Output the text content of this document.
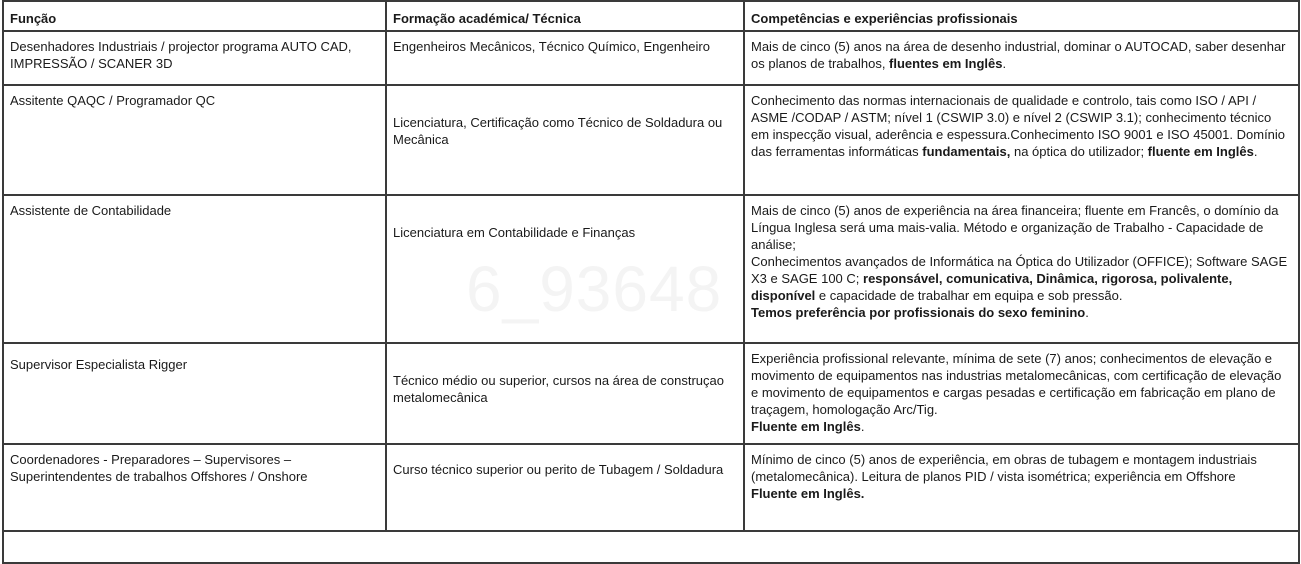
Função	Formação académica/ Técnica	Competências e experiências profissionais

Desenhadores Industriais / projector programa AUTO CAD, IMPRESSÃO / SCANER 3D	Engenheiros Mecânicos, Técnico Químico, Engenheiro	Mais de cinco (5) anos na área de desenho industrial, dominar o AUTOCAD, saber desenhar os planos de trabalhos, fluentes em Inglês.

Assitente QAQC / Programador QC	Licenciatura, Certificação como Técnico de Soldadura ou Mecânica	Conhecimento das normas internacionais de qualidade e controlo, tais como ISO / API / ASME /CODAP / ASTM; nível 1 (CSWIP 3.0) e nível 2 (CSWIP 3.1); conhecimento técnico em inspecção visual, aderência e espessura.Conhecimento ISO 9001 e ISO 45001. Domínio das ferramentas informáticas fundamentais, na óptica do utilizador; fluente em Inglês.

Assistente de Contabilidade	Licenciatura em Contabilidade e Finanças	Mais de cinco (5) anos de experiência na área financeira; fluente em Francês, o domínio da Língua Inglesa será uma mais-valia. Método e organização de Trabalho - Capacidade de análise;
Conhecimentos avançados de Informática na Óptica do Utilizador (OFFICE); Software SAGE X3 e SAGE 100 C; responsável, comunicativa, Dinâmica, rigorosa, polivalente, disponível e capacidade de trabalhar em equipa e sob pressão.
Temos preferência por profissionais do sexo feminino.

Supervisor Especialista Rigger	Técnico médio ou superior, cursos na área de construçao metalomecânica	Experiência profissional relevante, mínima de sete (7) anos; conhecimentos de elevação e movimento de equipamentos nas industrias metalomecânicas, com certificação de elevação e movimento de equipamentos e cargas pesadas e certificação em fabricação em plano de traçagem, homologação Arc/Tig.
Fluente em Inglês.

Coordenadores - Preparadores – Supervisores – Superintendentes de trabalhos Offshores / Onshore	Curso técnico superior ou perito de Tubagem / Soldadura	Mínimo de cinco (5) anos de experiência, em obras de tubagem e montagem industriais (metalomecânica). Leitura de planos PID / vista isométrica; experiência em Offshore
Fluente em Inglês.

6_93648
